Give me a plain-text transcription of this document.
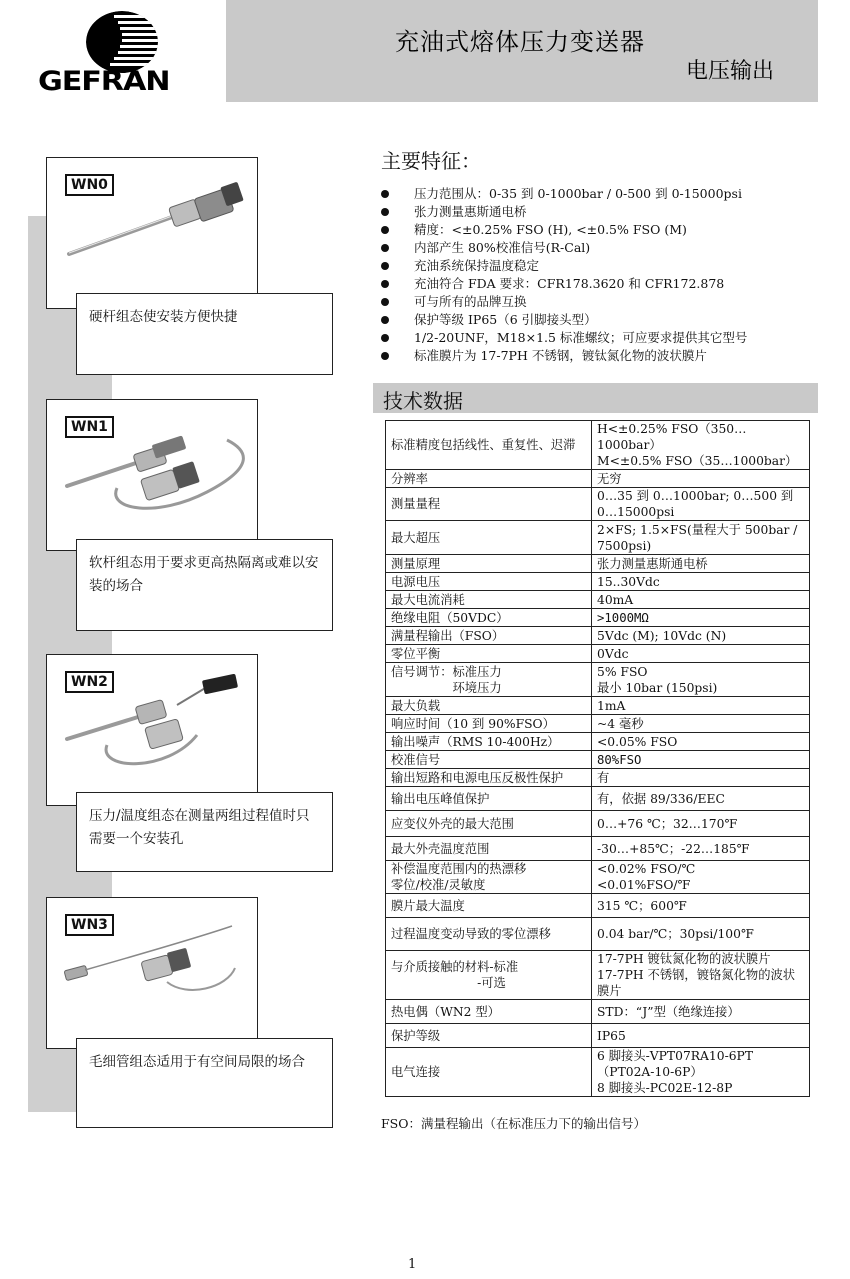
GEFRAN
充油式熔体压力变送器
电压输出
WN0
硬杆组态使安装方便快捷
WN1
软杆组态用于要求更高热隔离或难以安装的场合
WN2
压力/温度组态在测量两组过程值时只需要一个安装孔
WN3
毛细管组态适用于有空间局限的场合
主要特征：
压力范围从：0-35 到 0-1000bar / 0-500 到 0-15000psi
张力测量惠斯通电桥
精度：<±0.25% FSO (H), <±0.5% FSO (M)
内部产生 80%校准信号(R-Cal)
充油系统保持温度稳定
充油符合 FDA 要求：CFR178.3620 和 CFR172.878
可与所有的品牌互换
保护等级 IP65（6 引脚接头型）
1/2-20UNF，M18×1.5 标准螺纹；可应要求提供其它型号
标准膜片为 17-7PH 不锈钢，镀钛氮化物的波状膜片
技术数据
标准精度包括线性、重复性、迟滞	H<±0.25% FSO（350…1000bar）
M<±0.5% FSO（35…1000bar）
分辨率	无穷
测量量程	0…35 到 0…1000bar; 0…500 到 0…15000psi
最大超压	2×FS; 1.5×FS(量程大于 500bar / 7500psi)
测量原理	张力测量惠斯通电桥
电源电压	15..30Vdc
最大电流消耗	40mA
绝缘电阻（50VDC）	>1000MΩ
满量程输出（FSO）	5Vdc (M); 10Vdc (N)
零位平衡	0Vdc
信号调节：标准压力
　　　　　环境压力	5% FSO
最小 10bar (150psi)
最大负载	1mA
响应时间（10 到 90%FSO）	~4 毫秒
输出噪声（RMS 10-400Hz）	<0.05% FSO
校准信号	80%FSO
输出短路和电源电压反极性保护	有
输出电压峰值保护	有，依据 89/336/EEC
应变仪外壳的最大范围	0…+76 ℃；32…170℉
最大外壳温度范围	-30…+85℃；-22…185℉
补偿温度范围内的热漂移
零位/校准/灵敏度	<0.02% FSO/℃
<0.01%FSO/℉
膜片最大温度	315 ℃；600℉
过程温度变动导致的零位漂移	0.04 bar/℃；30psi/100℉
与介质接触的材料-标准
　　　　　　　-可选	17-7PH 镀钛氮化物的波状膜片
17-7PH 不锈钢，镀铬氮化物的波状膜片
热电偶（WN2 型）	STD：“J”型（绝缘连接）
保护等级	IP65
电气连接	6 脚接头-VPT07RA10-6PT（PT02A-10-6P）
8 脚接头-PC02E-12-8P
FSO：满量程输出（在标准压力下的输出信号）
1
